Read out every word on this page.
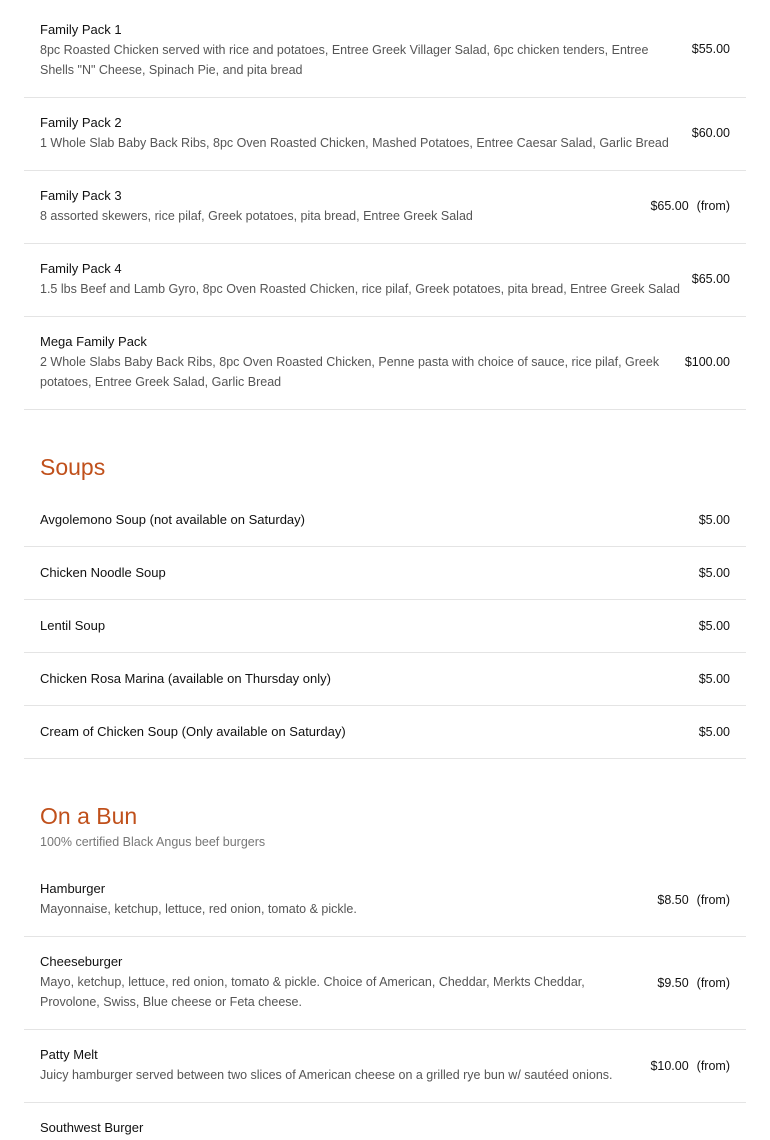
Family Pack 1
8pc Roasted Chicken served with rice and potatoes, Entree Greek Villager Salad, 6pc chicken tenders, Entree Shells "N" Cheese, Spinach Pie, and pita bread
$55.00
Family Pack 2
1 Whole Slab Baby Back Ribs, 8pc Oven Roasted Chicken, Mashed Potatoes, Entree Caesar Salad, Garlic Bread
$60.00
Family Pack 3
8 assorted skewers, rice pilaf, Greek potatoes, pita bread, Entree Greek Salad
$65.00 (from)
Family Pack 4
1.5 lbs Beef and Lamb Gyro, 8pc Oven Roasted Chicken, rice pilaf, Greek potatoes, pita bread, Entree Greek Salad
$65.00
Mega Family Pack
2 Whole Slabs Baby Back Ribs, 8pc Oven Roasted Chicken, Penne pasta with choice of sauce, rice pilaf, Greek potatoes, Entree Greek Salad, Garlic Bread
$100.00
Soups
Avgolemono Soup (not available on Saturday)	$5.00
Chicken Noodle Soup	$5.00
Lentil Soup	$5.00
Chicken Rosa Marina (available on Thursday only)	$5.00
Cream of Chicken Soup (Only available on Saturday)	$5.00
On a Bun
100% certified Black Angus beef burgers
Hamburger
Mayonnaise, ketchup, lettuce, red onion, tomato & pickle.
$8.50 (from)
Cheeseburger
Mayo, ketchup, lettuce, red onion, tomato & pickle. Choice of American, Cheddar, Merkts Cheddar, Provolone, Swiss, Blue cheese or Feta cheese.
$9.50 (from)
Patty Melt
Juicy hamburger served between two slices of American cheese on a grilled rye bun w/ sautéed onions.
$10.00 (from)
Southwest Burger
